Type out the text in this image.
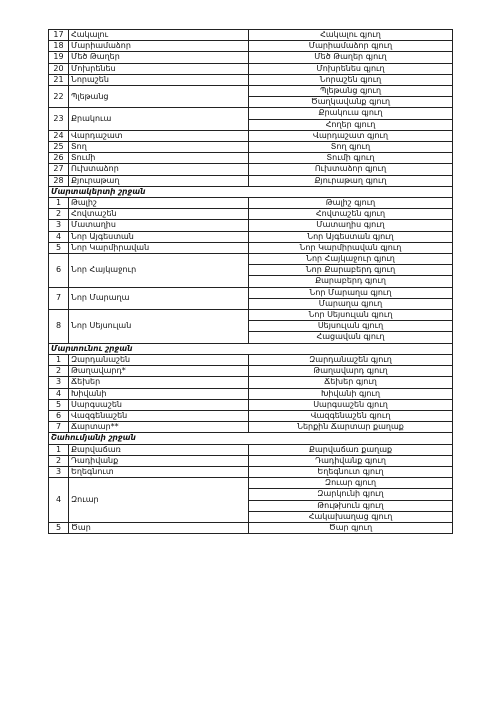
17	Հակալու	Հակալու գյուղ
18	Մարիամաձոր	Մարիամաձոր գյուղ
19	Մեծ Թաղեր	Մեծ Թաղեր գյուղ
20	Մոխրենես	Մոխրենես գյուղ
21	Նորաշեն	Նորաշեն գյուղ
22	Պլեթանց	Պլեթանց գյուղ
		Ծաղկավանք գյուղ
23	Քրակուա	Քրակուա գյուղ
		Հողեր գյուղ
24	Վարդաշատ	Վարդաշատ գյուղ
25	Տող	Տող գյուղ
26	Տումի	Տումի գյուղ
27	Ուխտաձոր	Ուխտաձոր գյուղ
28	Քյուրաթաղ	Քյուրաթաղ գյուղ
Մարտակերտի շրջան		
1	Թալիշ	Թալիշ գյուղ
2	Հովտաշեն	Հովտաշեն գյուղ
3	Մատաղիս	Մատաղիս գյուղ
4	Նոր Այգեստան	Նոր Այգեստան գյուղ
5	Նոր Կարմիրավան	Նոր Կարմիրավան գյուղ
6	Նոր Հայկաջուր	Նոր Հայկաջուր գյուղ
		Նոր Քարաբերդ գյուղ
		Քարաբերդ գյուղ
7	Նոր Մարաղա	Նոր Մարաղա գյուղ
		Մարաղա գյուղ
8	Նոր Սեյսուլան	Նոր Սեյսուլան գյուղ
		Սեյսուլան գյուղ
		Հացավան գյուղ
Մարտունու շրջան		
1	Զարդանաշեն	Զարդանաշեն գյուղ
2	Թաղավարդ*	Թաղավարդ գյուղ
3	Ճեխեր	Ճեխեր գյուղ
4	Խիվանի	Խիվանի գյուղ
5	Սարգսաշեն	Սարգսաշեն գյուղ
6	Վազգենաշեն	Վազգենաշեն գյուղ
7	Ճարտար**	Ներքին Ճարտար քաղաք
Շահումյանի շրջան		
1	Քարվաճառ	Քարվաճառ քաղաք
2	Դադիվանք	Դադիվանք գյուղ
3	Եղեգնուտ	Եղեգնուտ գյուղ
4	Զուար	Զուար գյուղ
		Զարկունի գյուղ
		Թութխուն գյուղ
		Հակախաղաց գյուղ
5	Ծար	Ծար գյուղ
